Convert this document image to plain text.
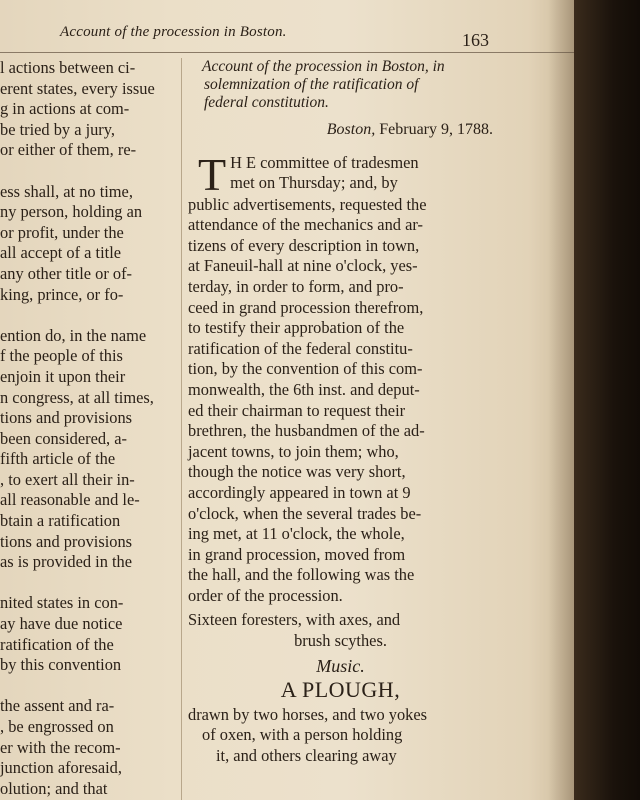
Account of the procession in Boston.	163
l actions between ci-
erent states, every issue
g in actions at com-
be tried by a jury,
or either of them, re-
ess shall, at no time,
ny person, holding an
or profit, under the
all accept of a title
any other title or of-
king, prince, or fo-
ention do, in the name
f the people of this
enjoin it upon their
n congress, at all times,
tions and provisions
been considered, a-
fifth article of the
, to exert all their in-
all reasonable and le-
btain a ratification
tions and provisions
as is provided in the
nited states in con-
ay have due notice
ratification of the
by this convention
the assent and ra-
, be engrossed on
er with the recom-
junction aforesaid,
olution; and that
Account of the procession in Boston, in
solemnization of the ratification of
federal constitution.
Boston, February 9, 1788.
T H E committee of tradesmen
met on Thursday; and, by
public advertisements, requested the
attendance of the mechanics and ar-
tizens of every description in town,
at Faneuil-hall at nine o'clock, yes-
terday, in order to form, and pro-
ceed in grand procession therefrom,
to testify their approbation of the
ratification of the federal constitu-
tion, by the convention of this com-
monwealth, the 6th inst. and deput-
ed their chairman to request their
brethren, the husbandmen of the ad-
jacent towns, to join them; who,
though the notice was very short,
accordingly appeared in town at 9
o'clock, when the several trades be-
ing met, at 11 o'clock, the whole,
in grand procession, moved from
the hall, and the following was the
order of the procession.
Sixteen foresters, with axes, and
brush scythes.
Music.
A PLOUGH,
drawn by two horses, and two yokes
of oxen, with a person holding
it, and others clearing away
